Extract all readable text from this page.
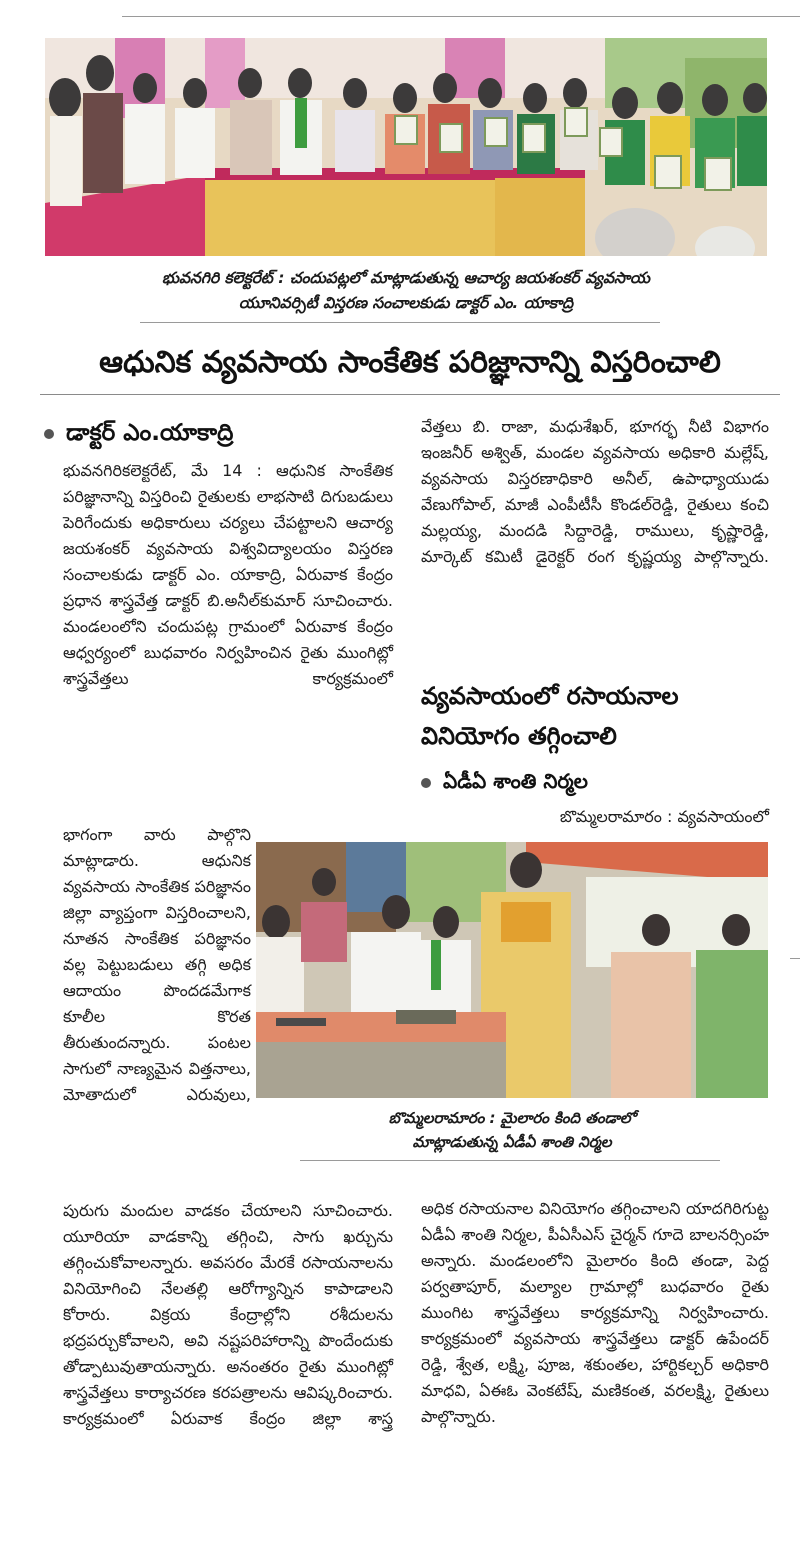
భువనగిరి కలెక్టరేట్ : చందుపట్లలో మాట్లాడుతున్న ఆచార్య జయశంకర్ వ్యవసాయ
యూనివర్సిటీ విస్తరణ సంచాలకుడు డాక్టర్ ఎం. యాకాద్రి
ఆధునిక వ్యవసాయ సాంకేతిక పరిజ్ఞానాన్ని విస్తరించాలి
డాక్టర్ ఎం.యాకాద్రి
భువనగిరికలెక్టరేట్, మే 14 : ఆధునిక సాంకేతిక పరిజ్ఞానాన్ని విస్తరించి రైతులకు లాభసాటి దిగుబడులు పెరిగేందుకు అధికారులు చర్యలు చేపట్టాలని ఆచార్య జయశంకర్ వ్యవసాయ విశ్వవిద్యాలయం విస్తరణ సంచాలకుడు డాక్టర్ ఎం. యాకాద్రి, ఏరువాక కేంద్రం ప్రధాన శాస్త్రవేత్త డాక్టర్ బి.అనీల్‌కుమార్ సూచించారు. మండలంలోని చందుపట్ల గ్రామంలో ఏరువాక కేంద్రం ఆధ్వర్యంలో బుధవారం నిర్వహించిన రైతు ముంగిట్లో శాస్త్రవేత్తలు కార్యక్రమంలో
భాగంగా వారు పాల్గొని మాట్లాడారు. ఆధునిక వ్యవసాయ సాంకేతిక పరిజ్ఞానం జిల్లా వ్యాప్తంగా విస్తరించాలని, నూతన సాంకేతిక పరిజ్ఞానం వల్ల పెట్టుబడులు తగ్గి అధిక ఆదాయం పొందడమేగాక కూలీల కొరత తీరుతుందన్నారు. పంటల సాగులో నాణ్యమైన విత్తనాలు, మోతాదులో ఎరువులు,
పురుగు మందుల వాడకం చేయాలని సూచించారు. యూరియా వాడకాన్ని తగ్గించి, సాగు ఖర్చును తగ్గించుకోవాలన్నారు. అవసరం మేరకే రసాయనాలను వినియోగించి నేలతల్లి ఆరోగ్యాన్నిన కాపాడాలని కోరారు. విక్రయ కేంద్రాల్లోని రశీదులను భద్రపర్చుకోవాలని, అవి నష్టపరిహారాన్ని పొందేందుకు తోడ్పాటువుతాయన్నారు. అనంతరం రైతు ముంగిట్లో శాస్త్రవేత్తలు కార్యాచరణ కరపత్రాలను ఆవిష్కరించారు. కార్యక్రమంలో ఏరువాక కేంద్రం జిల్లా శాస్త్ర
వేత్తలు బి. రాజా, మధుశేఖర్, భూగర్భ నీటి విభాగం ఇంజనీర్ అశ్విత్, మండల వ్యవసాయ అధికారి మల్లేష్, వ్యవసాయ విస్తరణాధికారి అనీల్, ఉపాధ్యాయుడు వేణుగోపాల్, మాజీ ఎంపీటీసీ కొండల్‌రెడ్డి, రైతులు కంచి మల్లయ్య, మందడి సిద్దారెడ్డి, రాములు, కృష్ణారెడ్డి, మార్కెట్ కమిటీ డైరెక్టర్ రంగ కృష్ణయ్య పాల్గొన్నారు.
వ్యవసాయంలో రసాయనాల
వినియోగం తగ్గించాలి
ఏడీఏ శాంతి నిర్మల
బొమ్మలరామారం : వ్యవసాయంలో
బొమ్మలరామారం : మైలారం కింది తండాలో
మాట్లాడుతున్న ఏడీఏ శాంతి నిర్మల
అధిక రసాయనాల వినియోగం తగ్గించాలని యాదగిరిగుట్ట ఏడీఏ శాంతి నిర్మల, పీఏసీఎస్ చైర్మన్ గూదె బాలనర్సింహ అన్నారు. మండలంలోని మైలారం కింది తండా, పెద్ద పర్వతాపూర్, మల్యాల గ్రామాల్లో బుధవారం రైతు ముంగిట శాస్త్రవేత్తలు కార్యక్రమాన్ని నిర్వహించారు. కార్యక్రమంలో వ్యవసాయ శాస్త్రవేత్తలు డాక్టర్ ఉపేందర్ రెడ్డి, శ్వేత, లక్ష్మి, పూజ, శకుంతల, హార్టికల్చర్ అధికారి మాధవి, ఏఈఓ వెంకటేష్, మణికంత, వరలక్ష్మి, రైతులు పాల్గొన్నారు.
